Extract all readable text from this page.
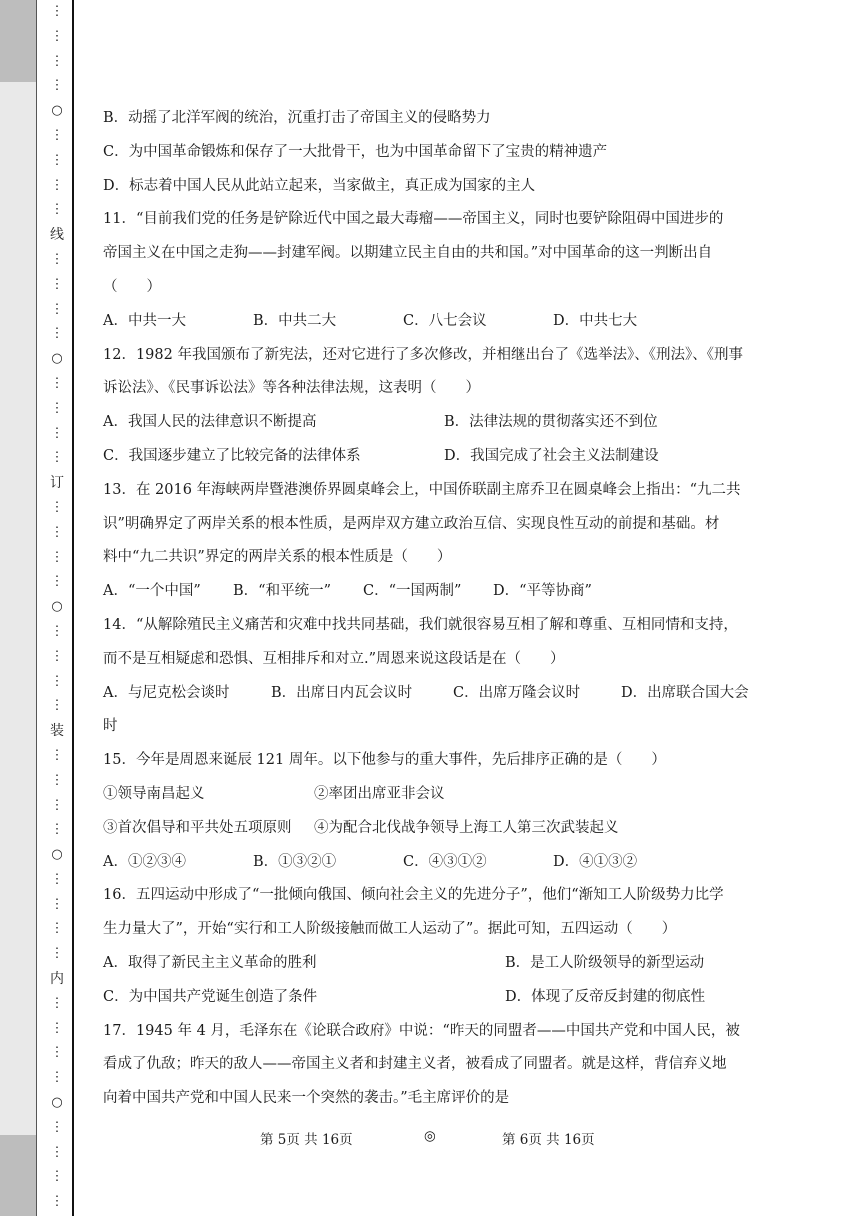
⋮
⋮
⋮
⋮
○
⋮
⋮
⋮
⋮
线
⋮
⋮
⋮
⋮
○
⋮
⋮
⋮
⋮
订
⋮
⋮
⋮
⋮
○
⋮
⋮
⋮
⋮
装
⋮
⋮
⋮
⋮
○
⋮
⋮
⋮
⋮
内
⋮
⋮
⋮
⋮
○
⋮
⋮
⋮
⋮
B．动摇了北洋军阀的统治，沉重打击了帝国主义的侵略势力
C．为中国革命锻炼和保存了一大批骨干，也为中国革命留下了宝贵的精神遗产
D．标志着中国人民从此站立起来，当家做主，真正成为国家的主人
11．“目前我们党的任务是铲除近代中国之最大毒瘤——帝国主义，同时也要铲除阻碍中国进步的
帝国主义在中国之走狗——封建军阀。以期建立民主自由的共和国。”对中国革命的这一判断出自
（　　）
A．中共一大	B．中共二大	C．八七会议	D．中共七大
12．1982 年我国颁布了新宪法，还对它进行了多次修改，并相继出台了《选举法》、《刑法》、《刑事
诉讼法》、《民事诉讼法》等各种法律法规，这表明（　　）
A．我国人民的法律意识不断提高	B．法律法规的贯彻落实还不到位
C．我国逐步建立了比较完备的法律体系	D．我国完成了社会主义法制建设
13．在 2016 年海峡两岸暨港澳侨界圆桌峰会上，中国侨联副主席乔卫在圆桌峰会上指出：“九二共
识”明确界定了两岸关系的根本性质，是两岸双方建立政治互信、实现良性互动的前提和基础。材
料中“九二共识”界定的两岸关系的根本性质是（　　）
A．“一个中国”	B．“和平统一”	C．“一国两制”	D．“平等协商”
14．“从解除殖民主义痛苦和灾难中找共同基础，我们就很容易互相了解和尊重、互相同情和支持，
而不是互相疑虑和恐惧、互相排斥和对立.”周恩来说这段话是在（　　）
A．与尼克松会谈时	B．出席日内瓦会议时	C．出席万隆会议时	D．出席联合国大会
时
15．今年是周恩来诞辰 121 周年。以下他参与的重大事件，先后排序正确的是（　　）
①领导南昌起义	②率团出席亚非会议
③首次倡导和平共处五项原则	④为配合北伐战争领导上海工人第三次武装起义
A．①②③④	B．①③②①	C．④③①②	D．④①③②
16．五四运动中形成了“一批倾向俄国、倾向社会主义的先进分子”，他们“渐知工人阶级势力比学
生力量大了”，开始“实行和工人阶级接触而做工人运动了”。据此可知，五四运动（　　）
A．取得了新民主主义革命的胜利	B．是工人阶级领导的新型运动
C．为中国共产党诞生创造了条件	D．体现了反帝反封建的彻底性
17．1945 年 4 月，毛泽东在《论联合政府》中说：“昨天的同盟者——中国共产党和中国人民，被
看成了仇敌；昨天的敌人——帝国主义者和封建主义者，被看成了同盟者。就是这样，背信弃义地
向着中国共产党和中国人民来一个突然的袭击。”毛主席评价的是
第 5页 共 16页	◎	第 6页 共 16页
